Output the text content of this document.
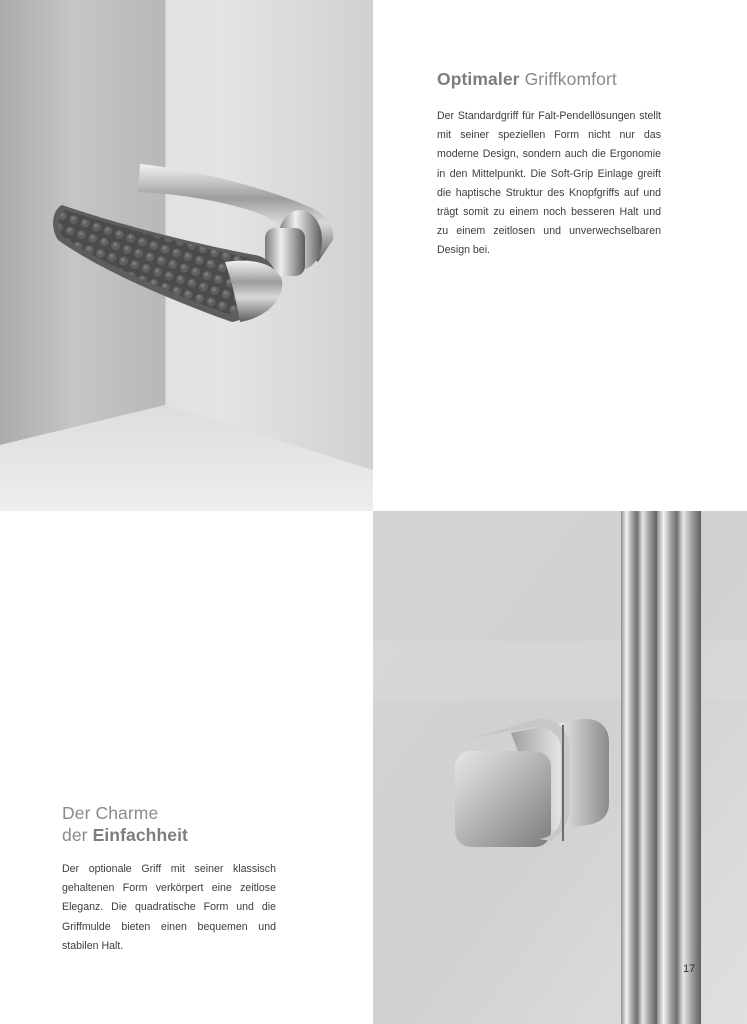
Optimaler Griffkomfort

Der Standardgriff für Falt-Pendellösungen stellt mit seiner speziellen Form nicht nur das moderne Design, sondern auch die Ergonomie in den Mittelpunkt. Die Soft-Grip Einlage greift die haptische Struktur des Knopfgriffs auf und trägt somit zu einem noch besseren Halt und zu einem zeitlosen und unverwechselbaren Design bei.

Der Charme
der Einfachheit

Der optionale Griff mit seiner klassisch gehaltenen Form verkörpert eine zeitlose Eleganz. Die quadratische Form und die Griffmulde bieten einen bequemen und stabilen Halt.

17
